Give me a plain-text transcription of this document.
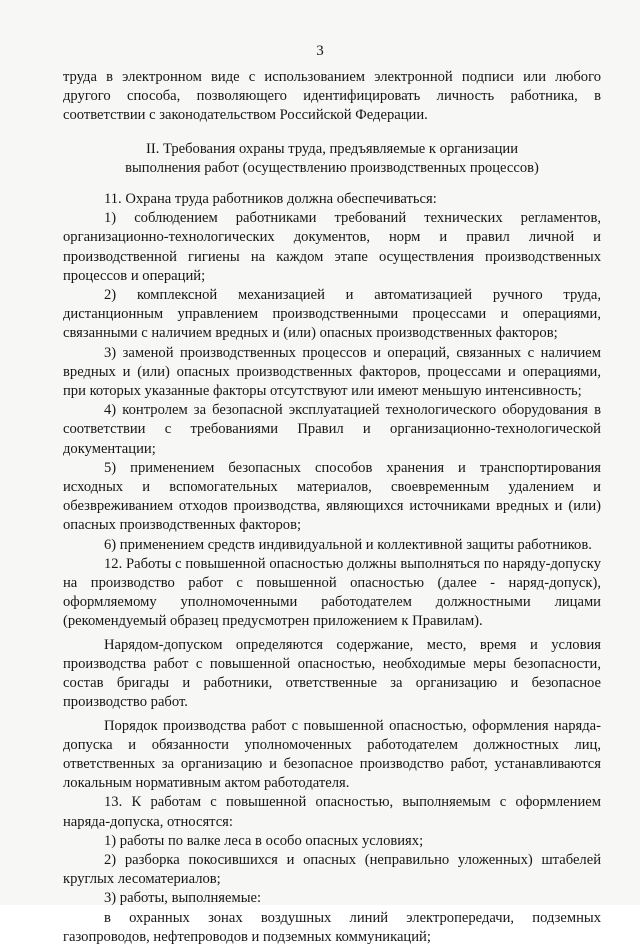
3

труда в электронном виде с использованием электронной подписи или любого другого способа, позволяющего идентифицировать личность работника, в соответствии с законодательством Российской Федерации.

II. Требования охраны труда, предъявляемые к организации
выполнения работ (осуществлению производственных процессов)

11. Охрана труда работников должна обеспечиваться:

1) соблюдением работниками требований технических регламентов, организационно-технологических документов, норм и правил личной и производственной гигиены на каждом этапе осуществления производственных процессов и операций;

2) комплексной механизацией и автоматизацией ручного труда, дистанционным управлением производственными процессами и операциями, связанными с наличием вредных и (или) опасных производственных факторов;

3) заменой производственных процессов и операций, связанных с наличием вредных и (или) опасных производственных факторов, процессами и операциями, при которых указанные факторы отсутствуют или имеют меньшую интенсивность;

4) контролем за безопасной эксплуатацией технологического оборудования в соответствии с требованиями Правил и организационно-технологической документации;

5) применением безопасных способов хранения и транспортирования исходных и вспомогательных материалов, своевременным удалением и обезвреживанием отходов производства, являющихся источниками вредных и (или) опасных производственных факторов;

6) применением средств индивидуальной и коллективной защиты работников.

12. Работы с повышенной опасностью должны выполняться по наряду-допуску на производство работ с повышенной опасностью (далее - наряд-допуск), оформляемому уполномоченными работодателем должностными лицами (рекомендуемый образец предусмотрен приложением к Правилам).

Нарядом-допуском определяются содержание, место, время и условия производства работ с повышенной опасностью, необходимые меры безопасности, состав бригады и работники, ответственные за организацию и безопасное производство работ.

Порядок производства работ с повышенной опасностью, оформления наряда-допуска и обязанности уполномоченных работодателем должностных лиц, ответственных за организацию и безопасное производство работ, устанавливаются локальным нормативным актом работодателя.

13. К работам с повышенной опасностью, выполняемым с оформлением наряда-допуска, относятся:

1) работы по валке леса в особо опасных условиях;

2) разборка покосившихся и опасных (неправильно уложенных) штабелей круглых лесоматериалов;

3) работы, выполняемые:

в охранных зонах воздушных линий электропередачи, подземных газопроводов, нефтепроводов и подземных коммуникаций;
